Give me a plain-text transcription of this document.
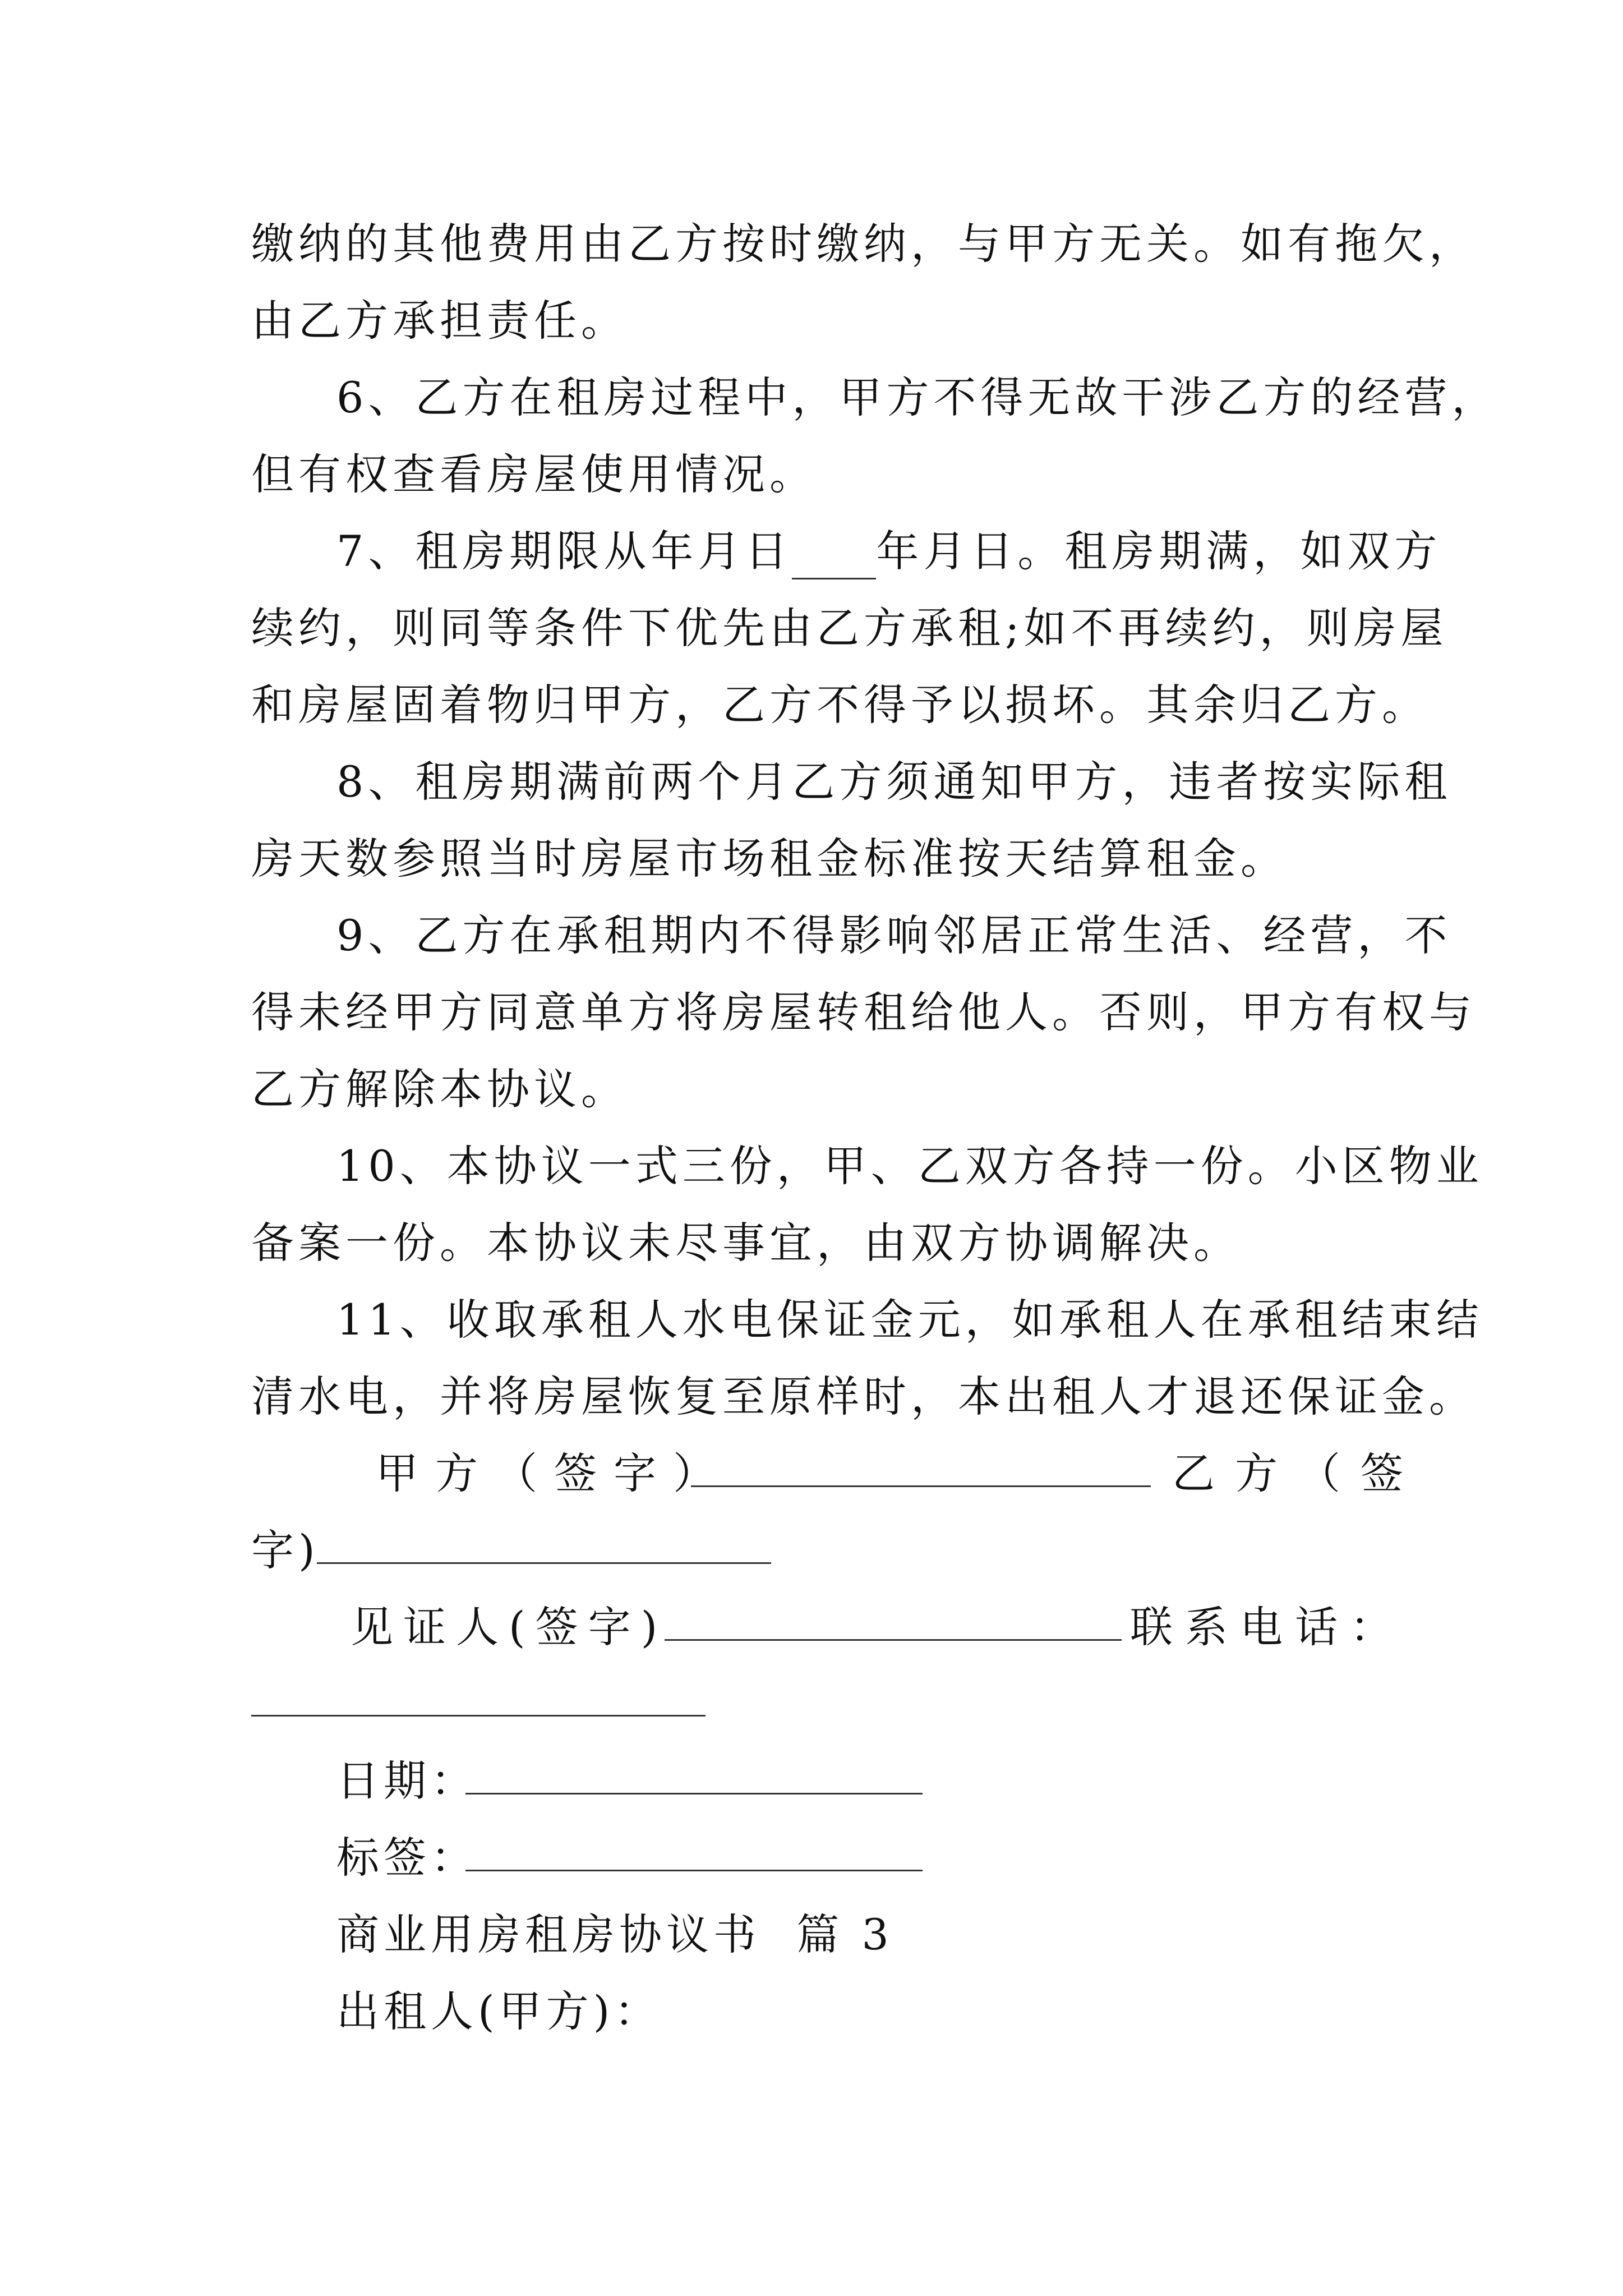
缴纳的其他费用由乙方按时缴纳，与甲方无关。如有拖欠，
由乙方承担责任。
6、乙方在租房过程中，甲方不得无故干涉乙方的经营，
但有权查看房屋使用情况。
7、租房期限从年月日 年月日。租房期满，如双方
续约，则同等条件下优先由乙方承租;如不再续约，则房屋
和房屋固着物归甲方，乙方不得予以损坏。其余归乙方。
8、租房期满前两个月乙方须通知甲方，违者按实际租
房天数参照当时房屋市场租金标准按天结算租金。
9、乙方在承租期内不得影响邻居正常生活、经营，不
得未经甲方同意单方将房屋转租给他人。否则，甲方有权与
乙方解除本协议。
10、本协议一式三份，甲、乙双方各持一份。小区物业
备案一份。本协议未尽事宜，由双方协调解决。
11、收取承租人水电保证金元，如承租人在承租结束结
清水电，并将房屋恢复至原样时，本出租人才退还保证金。
甲方（签字）	乙方（签
字)
见证人(签字)	联系电话：
日期：
标签：
商业用房租房协议书  篇 3
出租人(甲方)：
